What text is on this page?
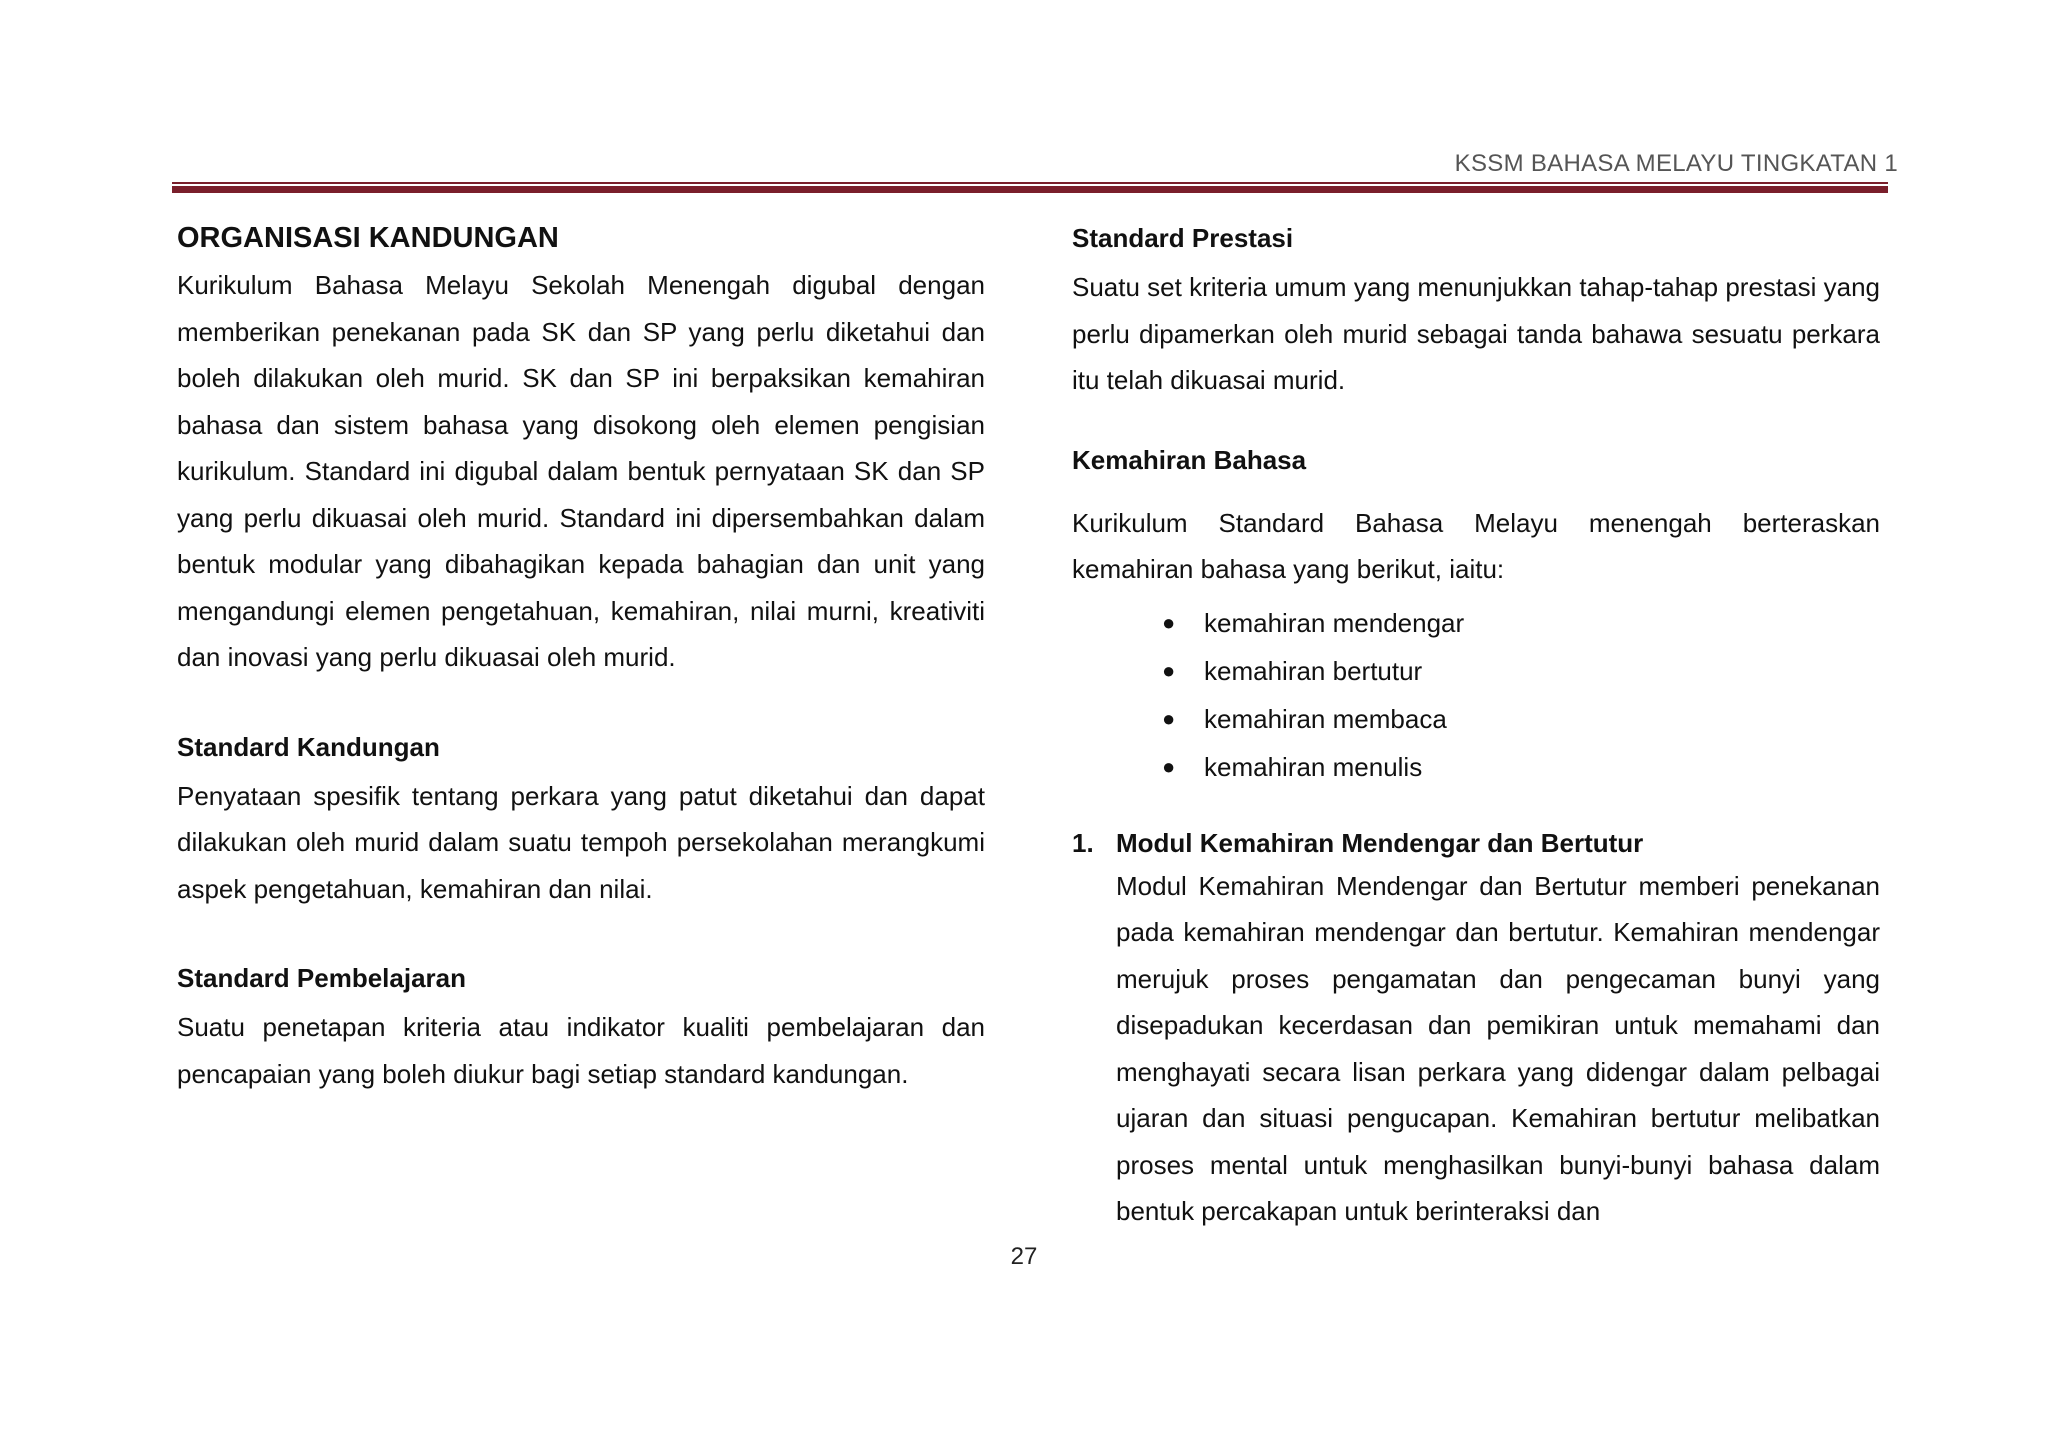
KSSM BAHASA MELAYU TINGKATAN 1
ORGANISASI KANDUNGAN

Kurikulum Bahasa Melayu Sekolah Menengah digubal dengan memberikan penekanan pada SK dan SP yang perlu diketahui dan boleh dilakukan oleh murid. SK dan SP ini berpaksikan kemahiran bahasa dan sistem bahasa yang disokong oleh elemen pengisian kurikulum. Standard ini digubal dalam bentuk pernyataan SK dan SP yang perlu dikuasai oleh murid. Standard ini dipersembahkan dalam bentuk modular yang dibahagikan kepada bahagian dan unit yang mengandungi elemen pengetahuan, kemahiran, nilai murni, kreativiti dan inovasi yang perlu dikuasai oleh murid.

Standard Kandungan

Penyataan spesifik tentang perkara yang patut diketahui dan dapat dilakukan oleh murid dalam suatu tempoh persekolahan merangkumi aspek pengetahuan, kemahiran dan nilai.

Standard Pembelajaran

Suatu penetapan kriteria atau indikator kualiti pembelajaran dan pencapaian yang boleh diukur bagi setiap standard kandungan.

Standard Prestasi

Suatu set kriteria umum yang menunjukkan tahap-tahap prestasi yang perlu dipamerkan oleh murid sebagai tanda bahawa sesuatu perkara itu telah dikuasai murid.

Kemahiran Bahasa

Kurikulum Standard Bahasa Melayu menengah berteraskan kemahiran bahasa yang berikut, iaitu:

● kemahiran mendengar
● kemahiran bertutur
● kemahiran membaca
● kemahiran menulis
1. Modul Kemahiran Mendengar dan Bertutur

Modul Kemahiran Mendengar dan Bertutur memberi penekanan pada kemahiran mendengar dan bertutur. Kemahiran mendengar merujuk proses pengamatan dan pengecaman bunyi yang disepadukan kecerdasan dan pemikiran untuk memahami dan menghayati secara lisan perkara yang didengar dalam pelbagai ujaran dan situasi pengucapan. Kemahiran bertutur melibatkan proses mental untuk menghasilkan bunyi-bunyi bahasa dalam bentuk percakapan untuk berinteraksi dan

27
